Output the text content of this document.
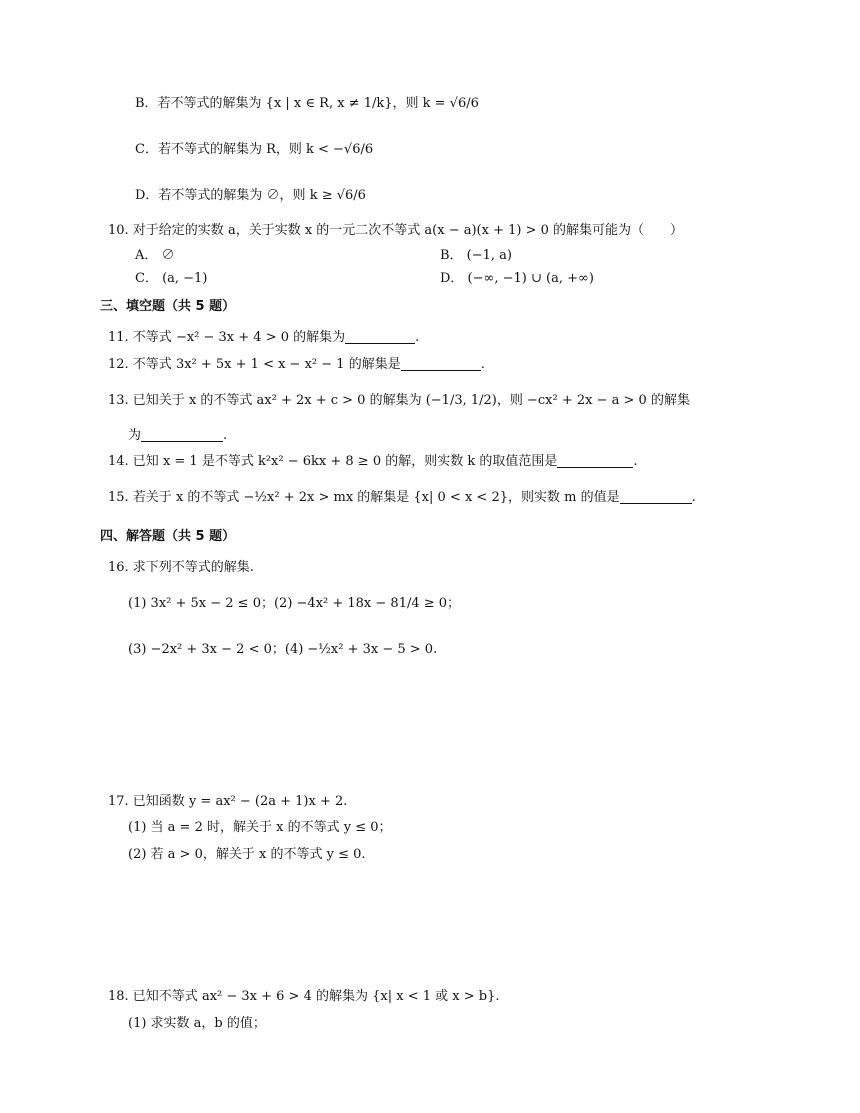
B．若不等式的解集为 {x | x ∈ R, x ≠ 1/k}，则 k = √6/6
C．若不等式的解集为 R，则 k < −√6/6
D．若不等式的解集为 ∅，则 k ≥ √6/6
10. 对于给定的实数 a，关于实数 x 的一元二次不等式 a(x − a)(x + 1) > 0 的解集可能为（　　）
A． ∅	B． (−1, a)
C． (a, −1)	D． (−∞, −1) ∪ (a, +∞)
三、填空题（共 5 题）
11. 不等式 −x² − 3x + 4 > 0 的解集为	.
12. 不等式 3x² + 5x + 1 < x − x² − 1 的解集是	.
13. 已知关于 x 的不等式 ax² + 2x + c > 0 的解集为 (−1/3, 1/2)，则 −cx² + 2x − a > 0 的解集
为	.
14. 已知 x = 1 是不等式 k²x² − 6kx + 8 ≥ 0 的解，则实数 k 的取值范围是	.
15. 若关于 x 的不等式 −½x² + 2x > mx 的解集是 {x| 0 < x < 2}，则实数 m 的值是	.
四、解答题（共 5 题）
16. 求下列不等式的解集.
(1) 3x² + 5x − 2 ≤ 0；(2) −4x² + 18x − 81/4 ≥ 0；
(3) −2x² + 3x − 2 < 0；(4) −½x² + 3x − 5 > 0.
17. 已知函数 y = ax² − (2a + 1)x + 2.
(1) 当 a = 2 时，解关于 x 的不等式 y ≤ 0；
(2) 若 a > 0，解关于 x 的不等式 y ≤ 0.
18. 已知不等式 ax² − 3x + 6 > 4 的解集为 {x| x < 1 或 x > b}.
(1) 求实数 a，b 的值；
